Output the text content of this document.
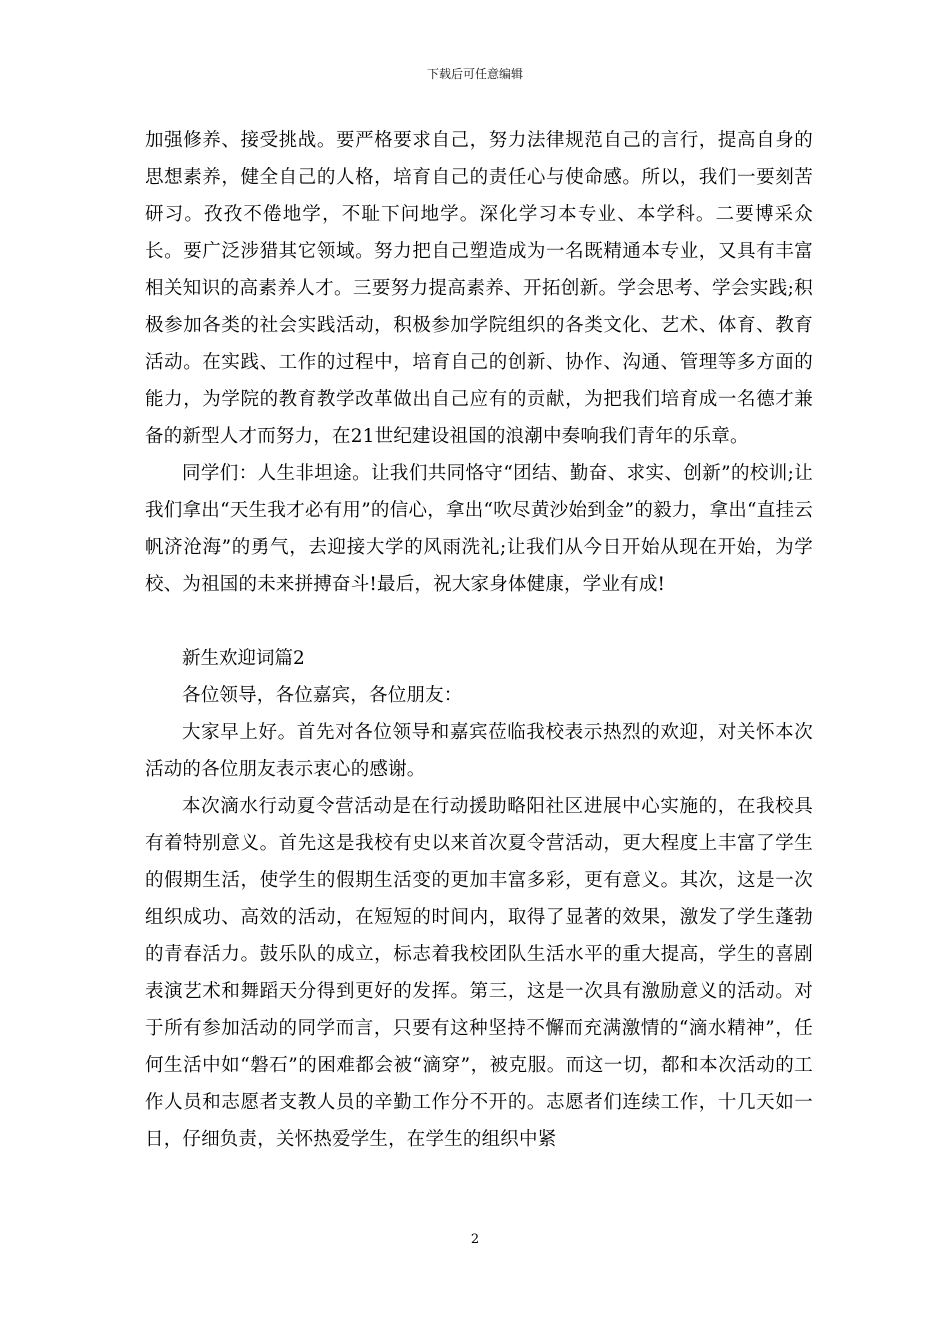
下载后可任意编辑

加强修养、接受挑战。要严格要求自己，努力法律规范自己的言行，提高自身的思想素养，健全自己的人格，培育自己的责任心与使命感。所以，我们一要刻苦研习。孜孜不倦地学，不耻下问地学。深化学习本专业、本学科。二要博采众长。要广泛涉猎其它领域。努力把自己塑造成为一名既精通本专业，又具有丰富相关知识的高素养人才。三要努力提高素养、开拓创新。学会思考、学会实践;积极参加各类的社会实践活动，积极参加学院组织的各类文化、艺术、体育、教育活动。在实践、工作的过程中，培育自己的创新、协作、沟通、管理等多方面的能力，为学院的教育教学改革做出自己应有的贡献，为把我们培育成一名德才兼备的新型人才而努力，在21世纪建设祖国的浪潮中奏响我们青年的乐章。

同学们：人生非坦途。让我们共同恪守“团结、勤奋、求实、创新”的校训;让我们拿出“天生我才必有用”的信心，拿出“吹尽黄沙始到金”的毅力，拿出“直挂云帆济沧海”的勇气，去迎接大学的风雨洗礼;让我们从今日开始从现在开始，为学校、为祖国的未来拼搏奋斗!最后，祝大家身体健康，学业有成!

新生欢迎词篇2

各位领导，各位嘉宾，各位朋友：

大家早上好。首先对各位领导和嘉宾莅临我校表示热烈的欢迎，对关怀本次活动的各位朋友表示衷心的感谢。

本次滴水行动夏令营活动是在行动援助略阳社区进展中心实施的，在我校具有着特别意义。首先这是我校有史以来首次夏令营活动，更大程度上丰富了学生的假期生活，使学生的假期生活变的更加丰富多彩，更有意义。其次，这是一次组织成功、高效的活动，在短短的时间内，取得了显著的效果，激发了学生蓬勃的青春活力。鼓乐队的成立，标志着我校团队生活水平的重大提高，学生的喜剧表演艺术和舞蹈天分得到更好的发挥。第三，这是一次具有激励意义的活动。对于所有参加活动的同学而言，只要有这种坚持不懈而充满激情的“滴水精神”，任何生活中如“磐石”的困难都会被“滴穿”，被克服。而这一切，都和本次活动的工作人员和志愿者支教人员的辛勤工作分不开的。志愿者们连续工作，十几天如一日，仔细负责，关怀热爱学生，在学生的组织中紧

2
